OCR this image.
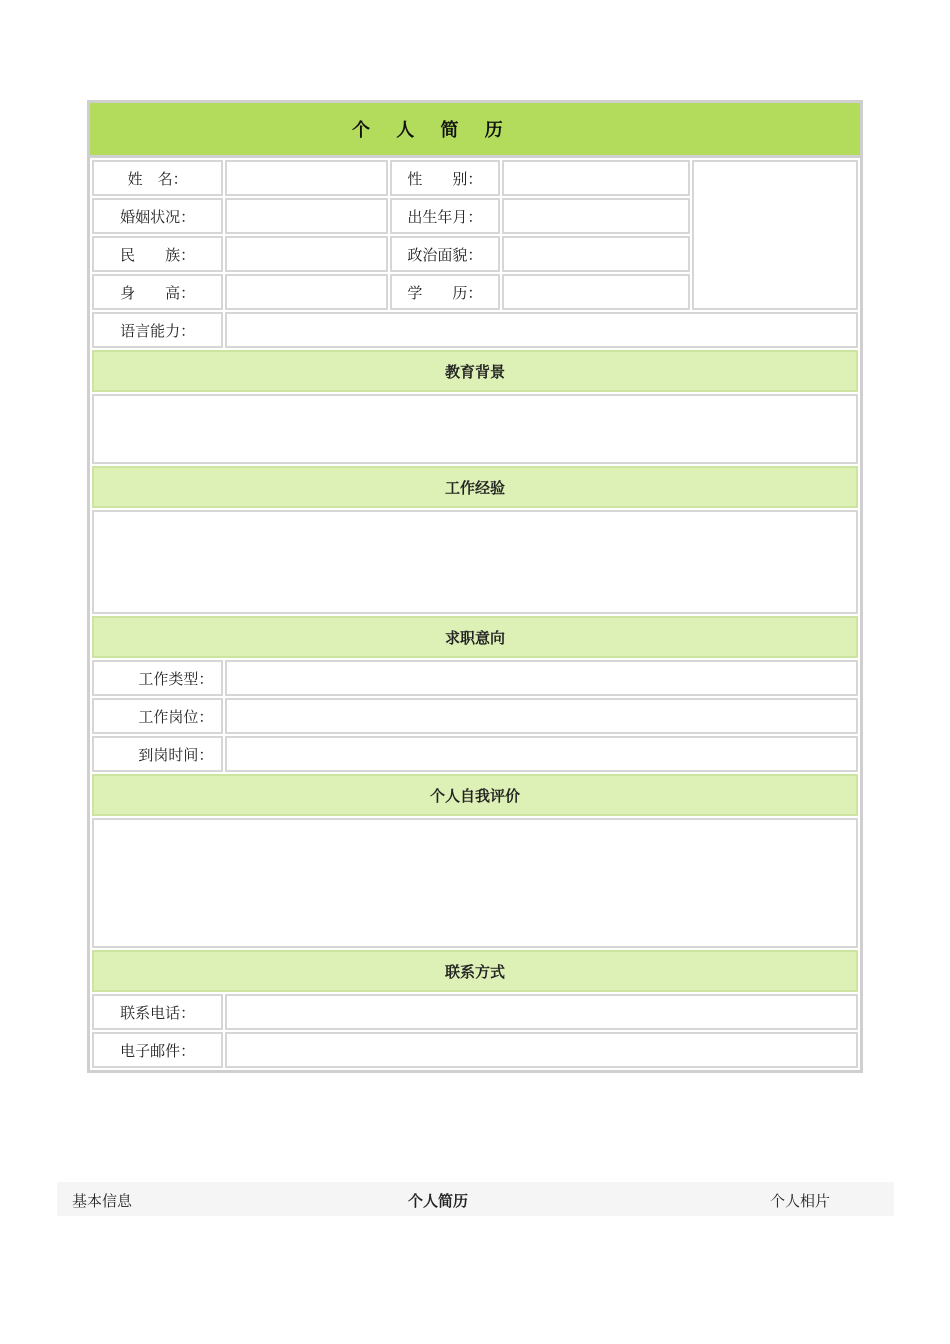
个 人 简 历
姓　名：		性　　别：		
婚姻状况：		出生年月：		
民　　族：		政治面貌：		
身　　高：		学　　历：		
语言能力：				
教育背景				

工作经验				

求职意向				
工作类型：				
工作岗位：				
到岗时间：				
个人自我评价				

联系方式				
联系电话：				
电子邮件：				
基本信息	个人简历	个人相片
